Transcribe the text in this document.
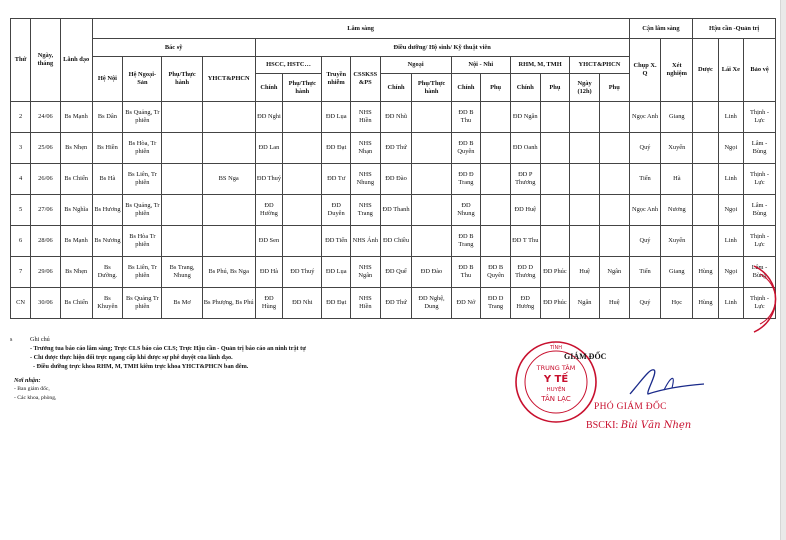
Thứ	Ngày, tháng	Lãnh đạo	Lâm sàng																Cận lâm sàng		Hậu cần -Quản trị		
			Bác sỹ				Điều dưỡng/ Hộ sinh/ Kỹ thuật viên												Chụp X. Q	Xét nghiệm	Dược	Lái Xe	Bảo vệ
			Hệ Nội	Hệ Ngoại-Sản	Phụ/Thực hành	YHCT&PHCN	HSCC, HSTC…		Truyền nhiễm	CSSKSS &PS	Ngoại		Nội - Nhi		RHM, M, TMH		YHCT&PHCN						
							Chính	Phụ/Thực hành			Chính	Phụ/Thực hành	Chính	Phụ	Chính	Phụ	Ngày (12h)	Phụ					
2	24/06	Bs Mạnh	Bs Dân	Bs Quảng, Tr phiên			ĐD Nghi		ĐD Lụa	NHS Hiền	ĐD Nhũ		ĐD B Thu		ĐD Ngân				Ngọc Anh	Giang		Linh	Thịnh - Lực
3	25/06	Bs Nhẹn	Bs Hiền	Bs Hòa, Tr phiên			ĐD Lan		ĐD Đạt	NHS Nhạn	ĐD Thứ		ĐD B Quyên		ĐD Oanh				Quý	Xuyến		Ngọi	Lâm - Bùng
4	26/06	Bs Chiến	Bs Hà	Bs Liên, Tr phiên		BS Nga	ĐD Thuý		ĐD Tư	NHS Nhung	ĐD Đào		ĐD Đ Trang		ĐD P Thương				Tiến	Hà		Linh	Thịnh - Lực
5	27/06	Bs Nghĩa	Bs Hương	Bs Quảng, Tr phiên			ĐD Hường		ĐD Duyên	NHS Trang	ĐD Thanh		ĐD Nhung		ĐD Huệ				Ngọc Anh	Nương		Ngọi	Lâm - Bùng
6	28/06	Bs Mạnh	Bs Nương	Bs Hòa Tr phiên			ĐD Sen		ĐD Tiến	NHS Ánh	ĐD Chiều		ĐD B Trang		ĐD T Thu				Quý	Xuyến		Linh	Thịnh - Lực
7	29/06	Bs Nhẹn	Bs Dường.	Bs Liên, Tr phiên	Bs Trang, Nhung	Bs Phú, Bs Nga	ĐD Hà	ĐD Thuý	ĐD Lụa	NHS Ngân	ĐD Quế	ĐD Đào	ĐD B Thu	ĐD B Quyên	ĐD D Thương	ĐD Phúc	Huệ	Ngân	Tiến	Giang	Hùng	Ngọi	Lâm - Bùng
CN	30/06	Bs Chiến	Bs Khuyên	Bs Quảng Tr phiên	Bs Mơ	Bs Phượng, Bs Phú	ĐD Hùng	ĐD Nhi	ĐD Đạt	NHS Hiền	ĐD Thứ	ĐD Nghệ, Dung	ĐD Nở	ĐD D Trang	ĐD Hương	ĐD Phúc	Ngân	Huệ	Quý	Học	Hùng	Linh	Thịnh - Lực
s	Ghi chú
- Trưởng tua báo cáo lâm sàng; Trực CLS báo cáo CLS; Trực Hậu cần - Quản trị báo cáo an ninh trật tự
- Chỉ được thực hiện đổi trực ngang cấp khi được sự phê duyệt của lãnh đạo.
- Điều dưỡng trực khoa RHM, M, TMH kiêm trực khoa YHCT&PHCN ban đêm.
Nơi nhận:
- Ban giám đốc,
- Các khoa, phòng,
TỈNH
TRUNG TÂM
Y TẾ
HUYỆN
TÂN LẠC
GIÁM ĐỐC
PHÓ GIÁM ĐỐC
BSCKI: Bùi Văn Nhẹn
